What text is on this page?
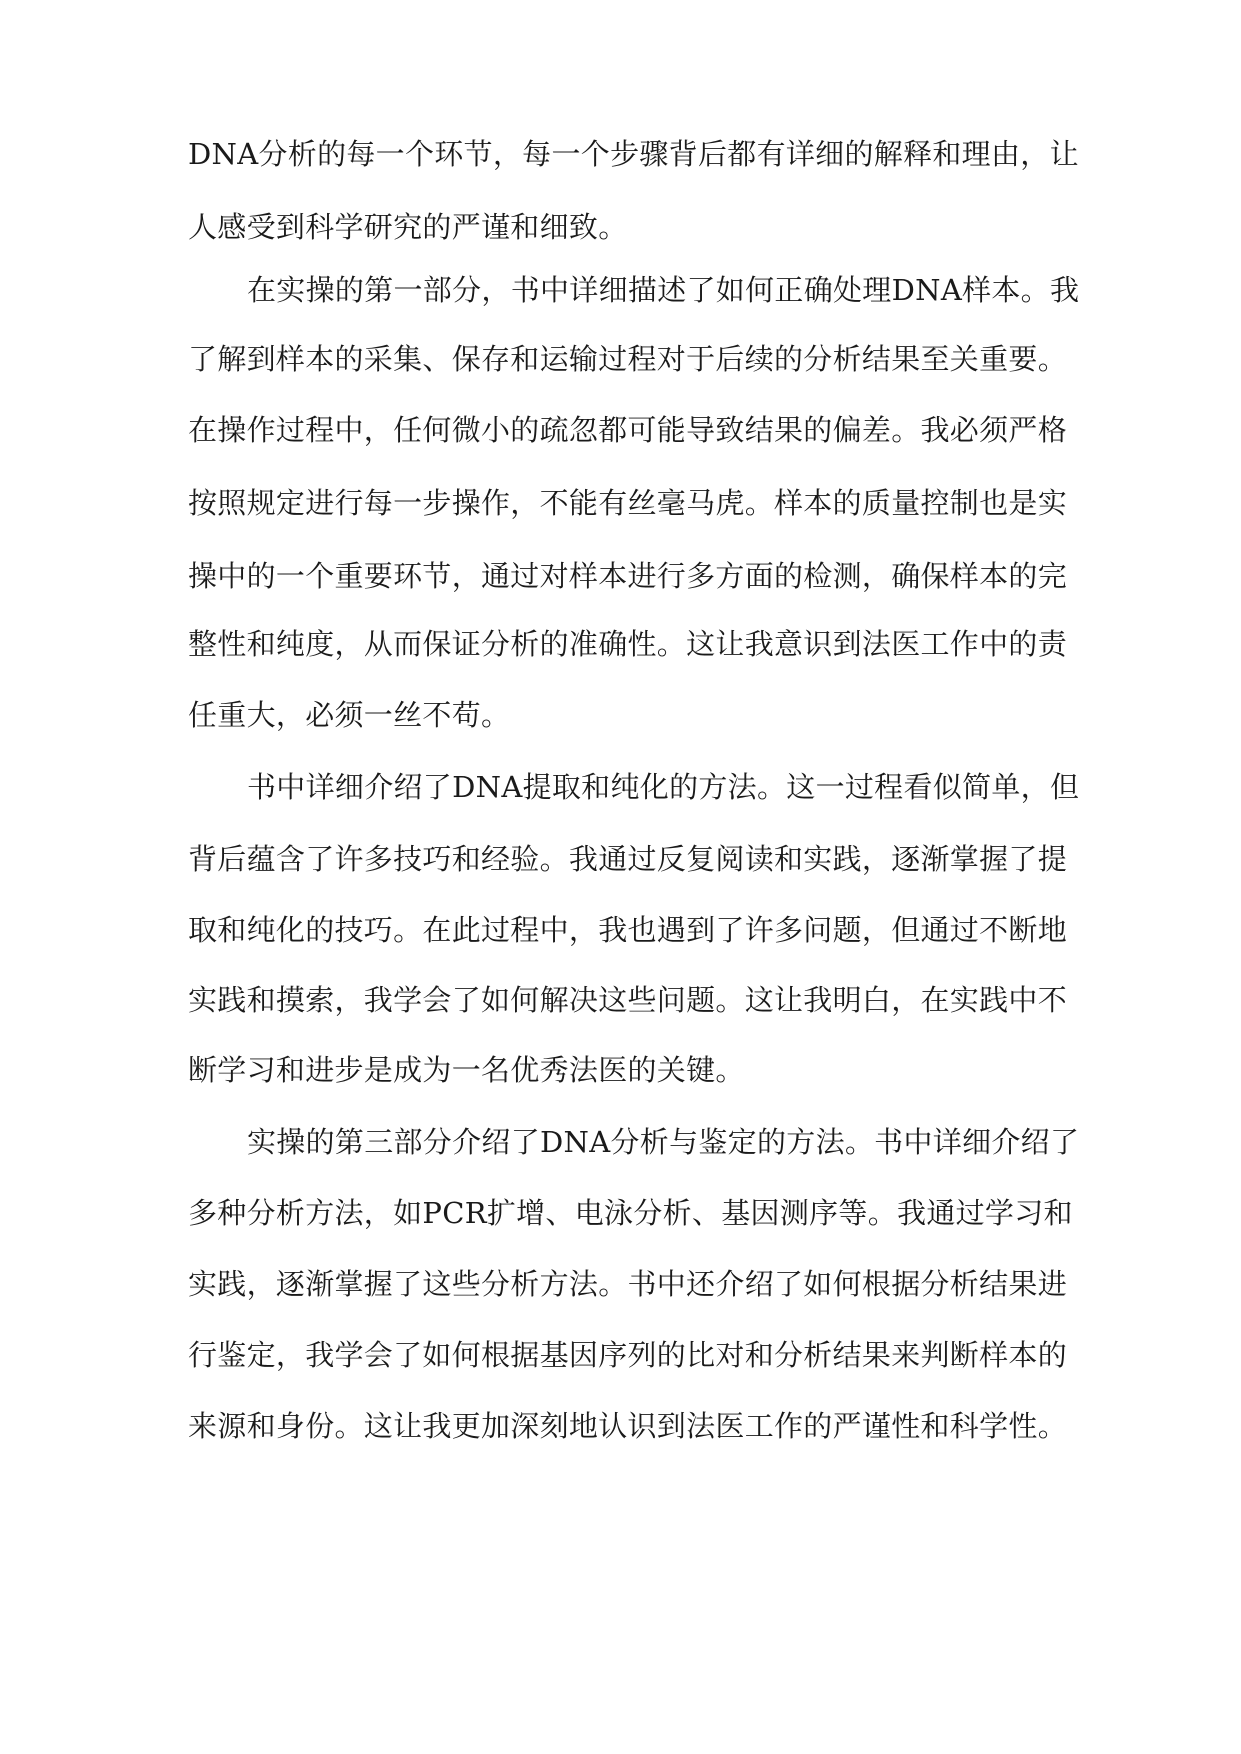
DNA分析的每一个环节，每一个步骤背后都有详细的解释和理由，让
人感受到科学研究的严谨和细致。
在实操的第一部分，书中详细描述了如何正确处理DNA样本。我
了解到样本的采集、保存和运输过程对于后续的分析结果至关重要。
在操作过程中，任何微小的疏忽都可能导致结果的偏差。我必须严格
按照规定进行每一步操作，不能有丝毫马虎。样本的质量控制也是实
操中的一个重要环节，通过对样本进行多方面的检测，确保样本的完
整性和纯度，从而保证分析的准确性。这让我意识到法医工作中的责
任重大，必须一丝不苟。
书中详细介绍了DNA提取和纯化的方法。这一过程看似简单，但
背后蕴含了许多技巧和经验。我通过反复阅读和实践，逐渐掌握了提
取和纯化的技巧。在此过程中，我也遇到了许多问题，但通过不断地
实践和摸索，我学会了如何解决这些问题。这让我明白，在实践中不
断学习和进步是成为一名优秀法医的关键。
实操的第三部分介绍了DNA分析与鉴定的方法。书中详细介绍了
多种分析方法，如PCR扩增、电泳分析、基因测序等。我通过学习和
实践，逐渐掌握了这些分析方法。书中还介绍了如何根据分析结果进
行鉴定，我学会了如何根据基因序列的比对和分析结果来判断样本的
来源和身份。这让我更加深刻地认识到法医工作的严谨性和科学性。
